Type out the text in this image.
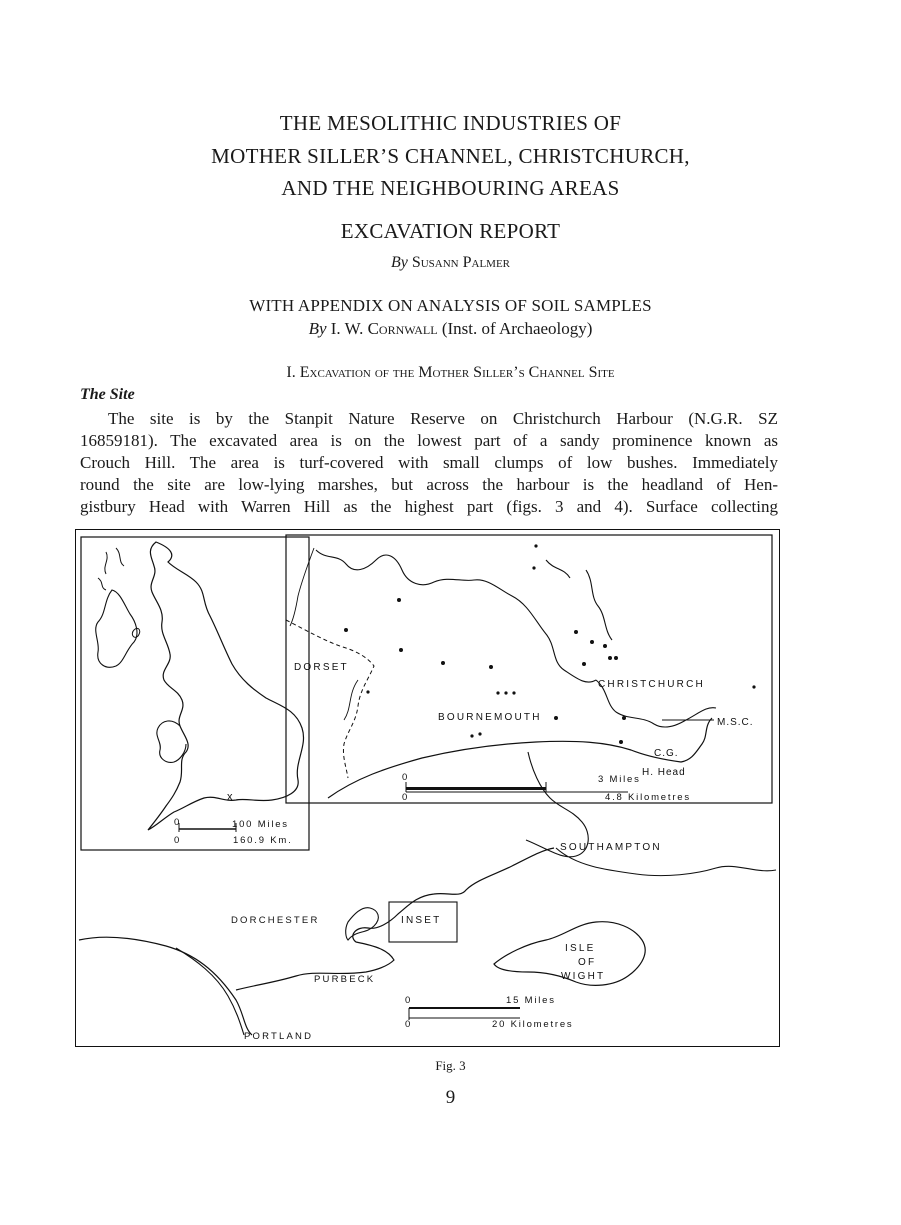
THE MESOLITHIC INDUSTRIES OF
MOTHER SILLER’S CHANNEL, CHRISTCHURCH,
AND THE NEIGHBOURING AREAS
EXCAVATION REPORT
By Susann Palmer
WITH APPENDIX ON ANALYSIS OF SOIL SAMPLES
By I. W. Cornwall (Inst. of Archaeology)
I. Excavation of the Mother Siller’s Channel Site
The Site
The site is by the Stanpit Nature Reserve on Christchurch Harbour (N.G.R. SZ
16859181). The excavated area is on the lowest part of a sandy prominence known as
Crouch Hill. The area is turf-covered with small clumps of low bushes. Immediately
round the site are low-lying marshes, but across the harbour is the headland of Hen-
gistbury Head with Warren Hill as the highest part (figs. 3 and 4). Surface collecting
x
0	100 Miles
0	160.9 Km.
DORSET
CHRISTCHURCH
BOURNEMOUTH	M.S.C.
C.G.
H. Head
0	3 Miles
0	4.8 Kilometres
SOUTHAMPTON
DORCHESTER	INSET
ISLE
OF
WIGHT
PURBECK
PORTLAND
0	15 Miles
0	20 Kilometres
Fig. 3
9
